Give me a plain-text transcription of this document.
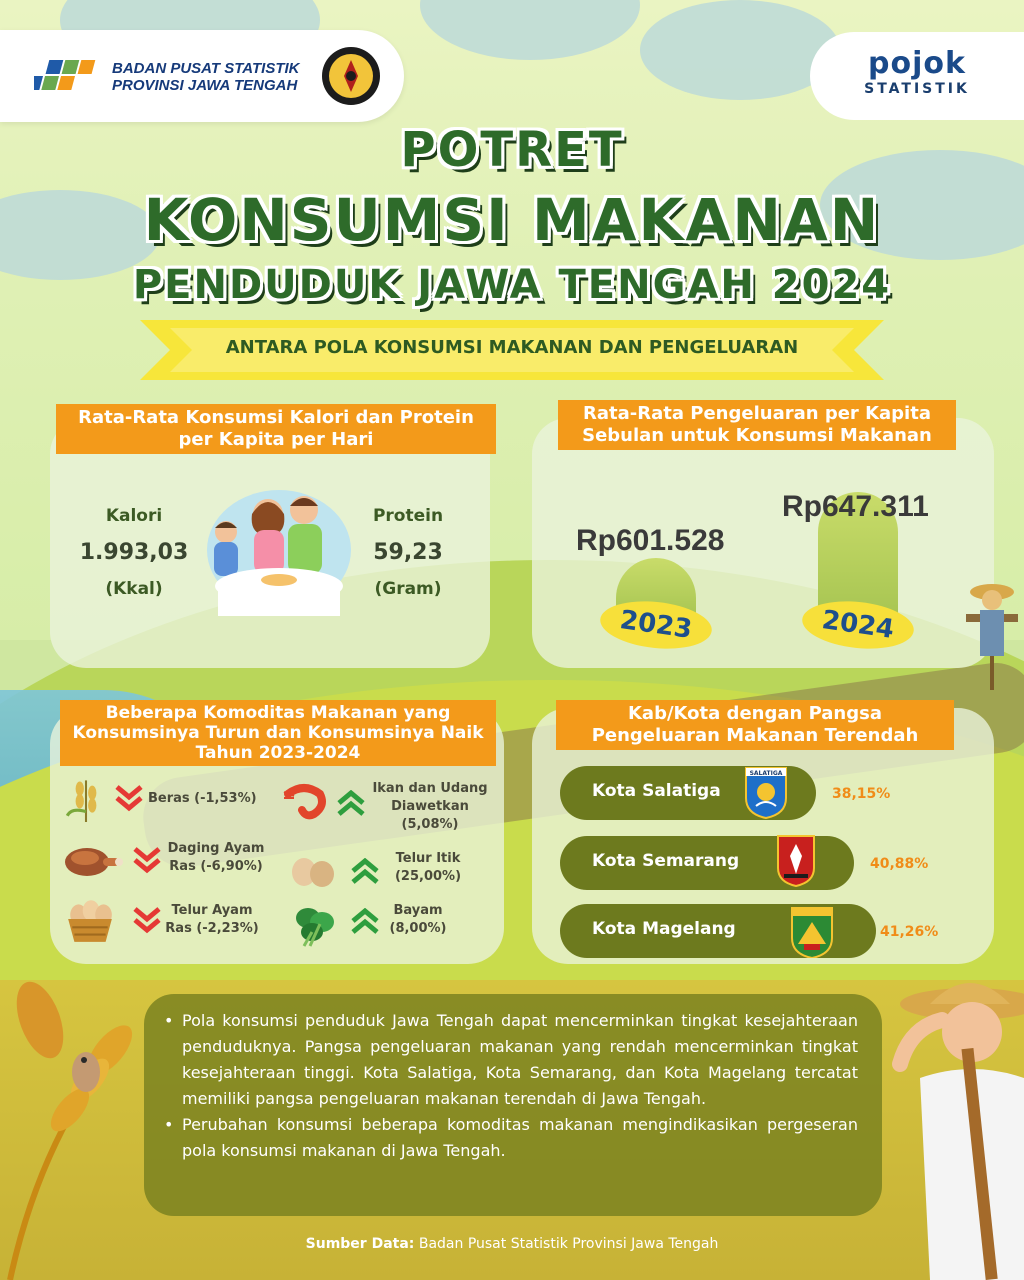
BADAN PUSAT STATISTIK
PROVINSI JAWA TENGAH
pojok
STATISTIK
POTRET
KONSUMSI MAKANAN
PENDUDUK JAWA TENGAH 2024
ANTARA POLA KONSUMSI MAKANAN DAN PENGELUARAN
Rata-Rata Konsumsi Kalori dan Protein per Kapita per Hari
Kalori
1.993,03
(Kkal)
Protein
59,23
(Gram)
Rata-Rata Pengeluaran per Kapita Sebulan untuk Konsumsi Makanan
2023	2024
Rp601.528
Rp647.311
Beberapa Komoditas Makanan yang Konsumsinya Turun dan Konsumsinya Naik Tahun 2023-2024
Beras (-1,53%)
Ikan dan Udang
Diawetkan
(5,08%)
Daging Ayam
Ras (-6,90%)
Telur Itik
(25,00%)
Telur Ayam
Ras (-2,23%)
Bayam
(8,00%)
Kab/Kota dengan Pangsa Pengeluaran Makanan Terendah
Kota Salatiga
SALATIGA
38,15%
Kota Semarang	40,88%
Kota Magelang	41,26%
• Pola konsumsi penduduk Jawa Tengah dapat mencerminkan tingkat kesejahteraan penduduknya. Pangsa pengeluaran makanan yang rendah mencerminkan tingkat kesejahteraan tinggi. Kota Salatiga, Kota Semarang, dan Kota Magelang tercatat memiliki pangsa pengeluaran makanan terendah di Jawa Tengah.
• Perubahan konsumsi beberapa komoditas makanan mengindikasikan pergeseran pola konsumsi makanan di Jawa Tengah.
Sumber Data: Badan Pusat Statistik Provinsi Jawa Tengah
